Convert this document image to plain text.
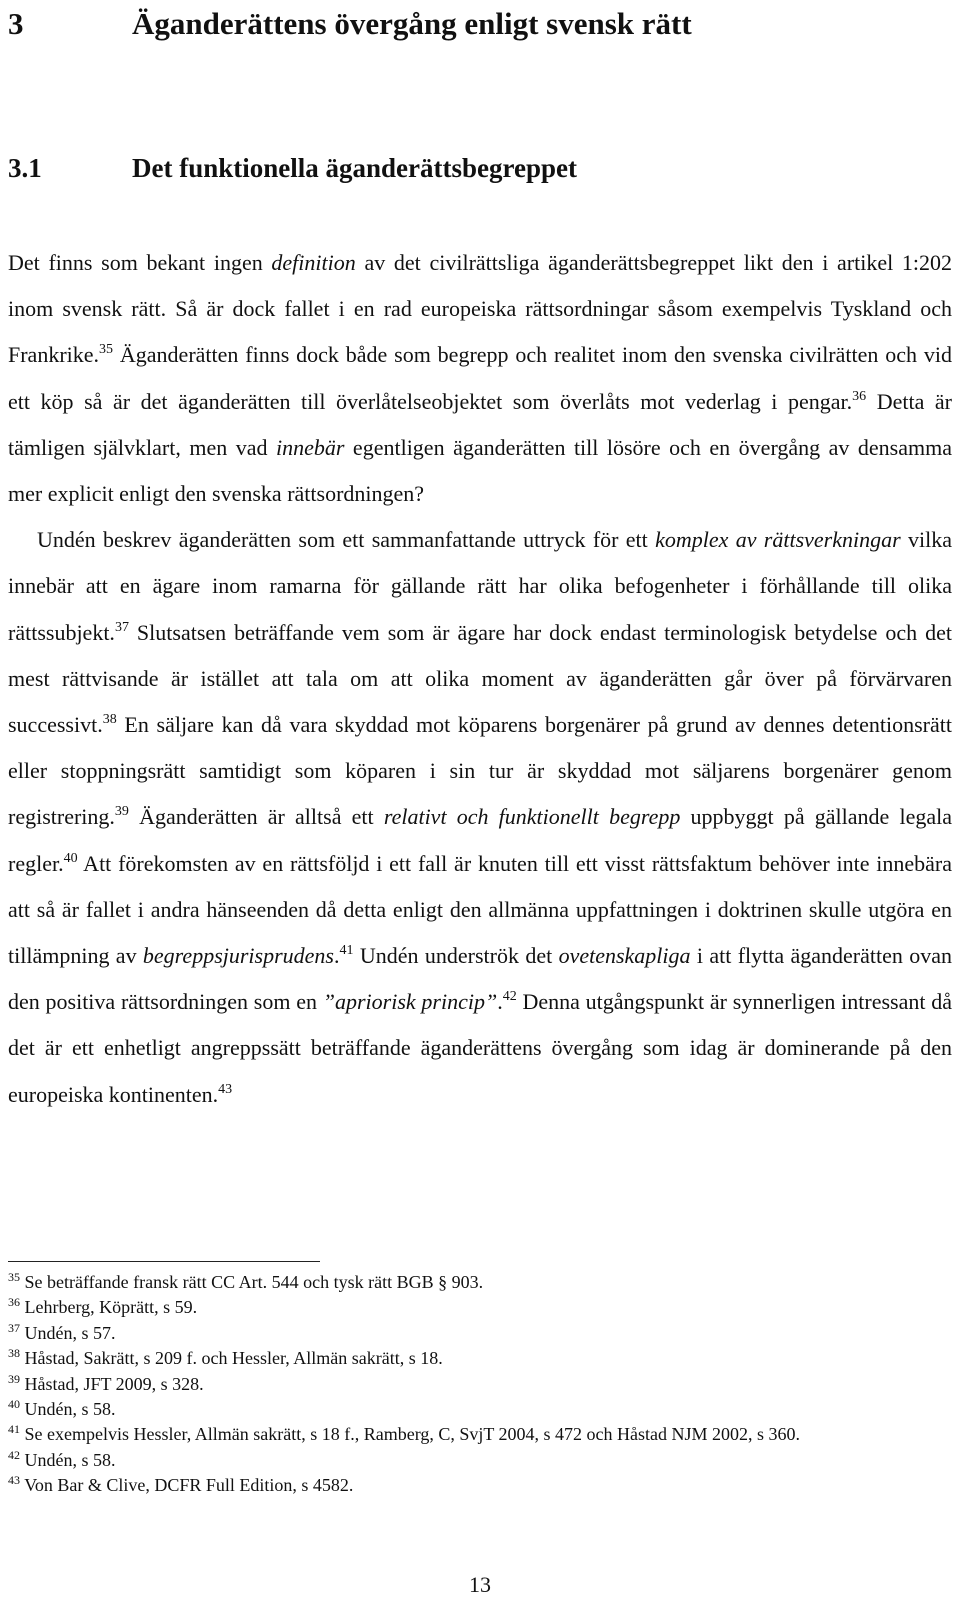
3	Äganderättens övergång enligt svensk rätt
3.1	Det funktionella äganderättsbegreppet

Det finns som bekant ingen definition av det civilrättsliga äganderättsbegreppet likt den i artikel 1:202 inom svensk rätt. Så är dock fallet i en rad europeiska rättsordningar såsom exempelvis Tyskland och Frankrike.$^{35}$ Äganderätten finns dock både som begrepp och realitet inom den svenska civilrätten och vid ett köp så är det äganderätten till överlåtelseobjektet som överlåts mot vederlag i pengar.$^{36}$ Detta är tämligen självklart, men vad innebär egentligen äganderätten till lösöre och en övergång av densamma mer explicit enligt den svenska rättsordningen?

Undén beskrev äganderätten som ett sammanfattande uttryck för ett komplex av rättsverkningar vilka innebär att en ägare inom ramarna för gällande rätt har olika befogenheter i förhållande till olika rättssubjekt.$^{37}$ Slutsatsen beträffande vem som är ägare har dock endast terminologisk betydelse och det mest rättvisande är istället att tala om att olika moment av äganderätten går över på förvärvaren successivt.$^{38}$ En säljare kan då vara skyddad mot köparens borgenärer på grund av dennes detentionsrätt eller stoppningsrätt samtidigt som köparen i sin tur är skyddad mot säljarens borgenärer genom registrering.$^{39}$ Äganderätten är alltså ett relativt och funktionellt begrepp uppbyggt på gällande legala regler.$^{40}$ Att förekomsten av en rättsföljd i ett fall är knuten till ett visst rättsfaktum behöver inte innebära att så är fallet i andra hänseenden då detta enligt den allmänna uppfattningen i doktrinen skulle utgöra en tillämpning av begreppsjurisprudens.$^{41}$ Undén underströk det ovetenskapliga i att flytta äganderätten ovan den positiva rättsordningen som en ”apriorisk princip”.$^{42}$ Denna utgångspunkt är synnerligen intressant då det är ett enhetligt angreppssätt beträffande äganderättens övergång som idag är dominerande på den europeiska kontinenten.$^{43}$

$^{35}$ Se beträffande fransk rätt CC Art. 544 och tysk rätt BGB § 903.
$^{36}$ Lehrberg, Köprätt, s 59.
$^{37}$ Undén, s 57.
$^{38}$ Håstad, Sakrätt, s 209 f. och Hessler, Allmän sakrätt, s 18.
$^{39}$ Håstad, JFT 2009, s 328.
$^{40}$ Undén, s 58.
$^{41}$ Se exempelvis Hessler, Allmän sakrätt, s 18 f., Ramberg, C, SvjT 2004, s 472 och Håstad NJM 2002, s 360.
$^{42}$ Undén, s 58.
$^{43}$ Von Bar & Clive, DCFR Full Edition, s 4582.
13
